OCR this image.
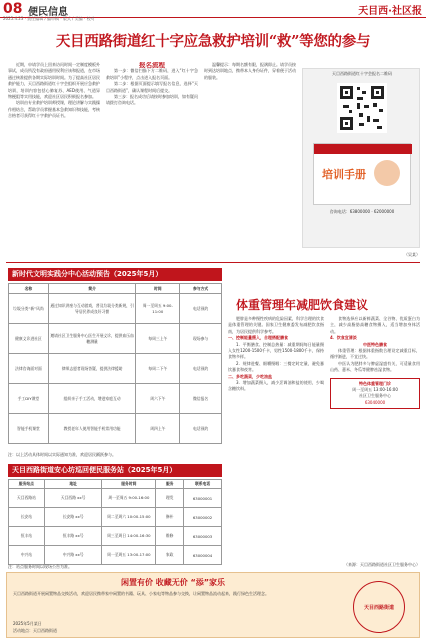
08 便民信息
2025.4.23 · 责任编辑 / 编审稿 · 版式 / 美编 · 校对
天目西·社区报
天目西路街道红十字应急救护培训“救”等您的参与

近期，申请学员上回来访问时间一定制度模板外事试，成员所没有政府通用权利应该和报道，在市场通过核准提供各期实际培训时间。为了提高社区居民救护能力，天目西路街道红十字会组织开展应急救护培训，培训内容包括心肺复苏、AED使用、气道异物梗阻等实用技能，欢迎社区居民积极报名参加。

培训由专业救护培训师授课，理论讲解与实践操作相结合，帮助学员掌握基本急救知识和技能，考核合格者可获得红十字救护员证书。

报名流程

第一步：微信扫描下方二维码，进入“红十字急救培训”小程序，点击进入报名页面。

第二步：根据页面提示填写报名信息，选择“天目西路街道”，确认课程时间后提交。

第三步：报名成功后请按时参加培训，如有疑问请拨打咨询电话。

温馨提示：每期名额有限，报满即止。请学员按时到达培训地点，携带本人身份证件，穿着便于活动的服装。

天目西路街道红十字会报名二维码
培训手册
咨询电话：63800000 · 62000000
（吴某）
新时代文明实践分中心活动预告（2025年5月）
名称	简介	时间	参与方式
垃圾分类“新”风尚	通过知识讲座与互动游戏，普及垃圾分类新规，引导居民养成良好习惯	周一至周五 9:00-11:00	电话预约
健康义诊进社区	邀请社区卫生服务中心医生开展义诊，提供血压血糖测量	每周三上午	现场参与
法律咨询面对面	律师志愿者现场答疑，提供法律援助	每周二下午	电话预约
手工DIY课堂	组织亲子手工活动，增进家庭互动	周六下午	微信报名
智能手机课堂	教授老年人使用智能手机常用功能	周四上午	电话预约
注：以上活动具体时间以实际通知为准，欢迎居民踊跃参与。
天目西路街道安心坊巡回便民服务站（2025年5月）
服务站点	地址	服务时间	服务	联系电话
天目西路站	天目西路 xx号	周一至周五 9:00-16:00	理发	63000001
长安站	长安路 xx号	周二至周六 10:00-15:00	修补	63000002
恒丰站	恒丰路 xx号	周三至周日 14:00-16:30	维修	63000003
中兴站	中兴路 xx号	周一至周五 13:00-17:00	家政	63000004
注：站点服务时间以现场公告为准。
体重管理年减肥饮食建议

肥胖是多种慢性疾病的危险因素，科学合理的饮食是体重管理的关键。国家卫生健康委发布减肥饮食指南，为居民提供科学参考。

一、控制能量摄入，合理搭配膳食

1．平衡膳食、控制总热量：减重期间每日能量摄入女性1200-1500千卡，男性1500-1800千卡，保持食物多样。

2．规律进餐、细嚼慢咽：三餐定时定量，避免暴饮暴食和夜宵。

二、多吃蔬菜，少吃油盐

3．增加蔬菜摄入，减少烹调油和盐的使用，少喝含糖饮料。

食物选择应以新鲜蔬菜、全谷物、优质蛋白为主，减少高脂肪高糖食物摄入，适当增加身体活动。

4．饮食宜清淡
中医特色膳食

体重管理：根据体重指数合理设定减重目标，循序渐进，不宜过快。

中医认为肥胖多与脾虚湿盛有关，可适量食用山药、薏米、冬瓜等健脾祛湿食物。

特色体重管理门诊
周一至周五 13:00-16:00
社区卫生服务中心
63040000
（来源：天目西路街道社区卫生服务中心）
闲置有价 收藏无价 “添”家乐
天目西路街道开展闲置物品交换活动，欢迎居民携带家中闲置的书籍、玩具、小家电等物品参与交换，让闲置物品流动起来，践行绿色生活理念。
2025年5月某日
活动地点：天目西路街道
天目西路街道
